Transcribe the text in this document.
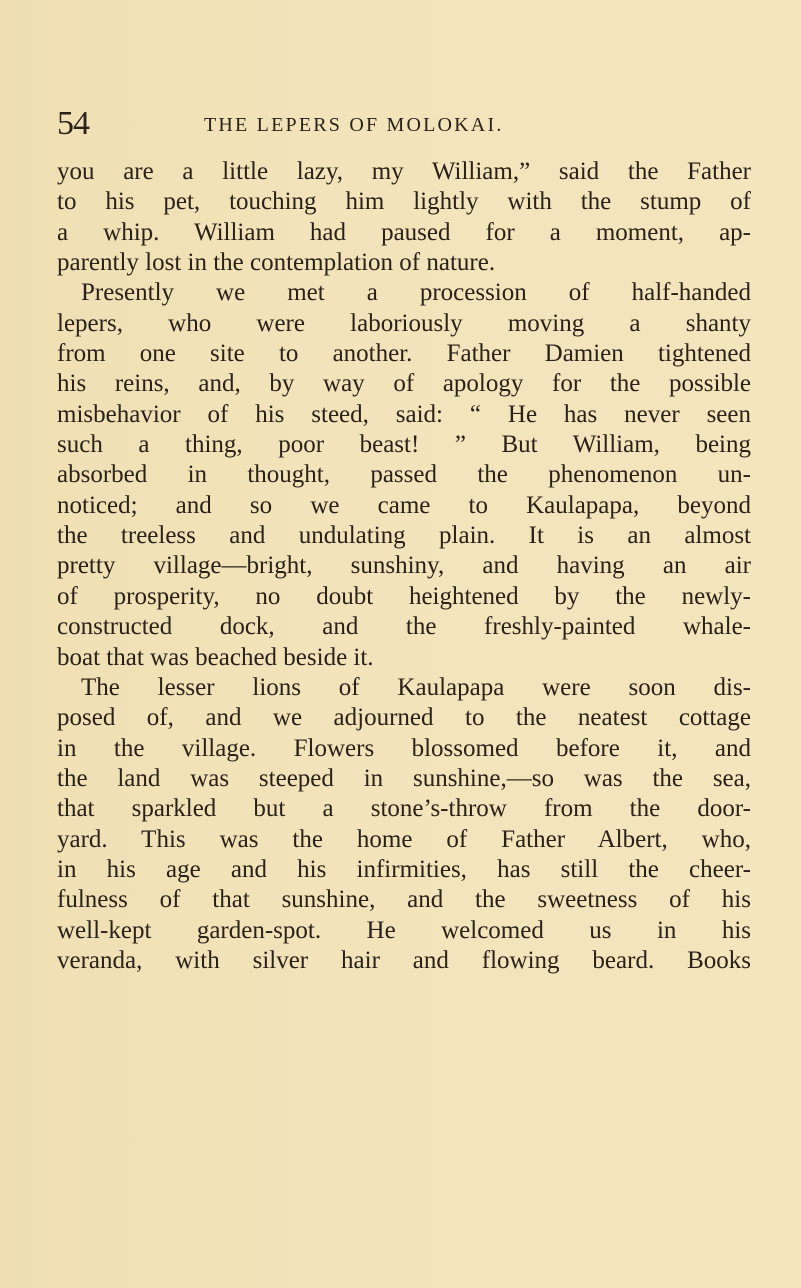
54	THE LEPERS OF MOLOKAI.
you are a little lazy, my William,” said the Father
to his pet, touching him lightly with the stump of
a whip. William had paused for a moment, ap-
parently lost in the contemplation of nature.
Presently we met a procession of half-handed
lepers, who were laboriously moving a shanty
from one site to another. Father Damien tightened
his reins, and, by way of apology for the possible
misbehavior of his steed, said: “ He has never seen
such a thing, poor beast! ” But William, being
absorbed in thought, passed the phenomenon un-
noticed; and so we came to Kaulapapa, beyond
the treeless and undulating plain. It is an almost
pretty village—bright, sunshiny, and having an air
of prosperity, no doubt heightened by the newly-
constructed dock, and the freshly-painted whale-
boat that was beached beside it.
The lesser lions of Kaulapapa were soon dis-
posed of, and we adjourned to the neatest cottage
in the village. Flowers blossomed before it, and
the land was steeped in sunshine,—so was the sea,
that sparkled but a stone’s-throw from the door-
yard. This was the home of Father Albert, who,
in his age and his infirmities, has still the cheer-
fulness of that sunshine, and the sweetness of his
well-kept garden-spot. He welcomed us in his
veranda, with silver hair and flowing beard. Books
